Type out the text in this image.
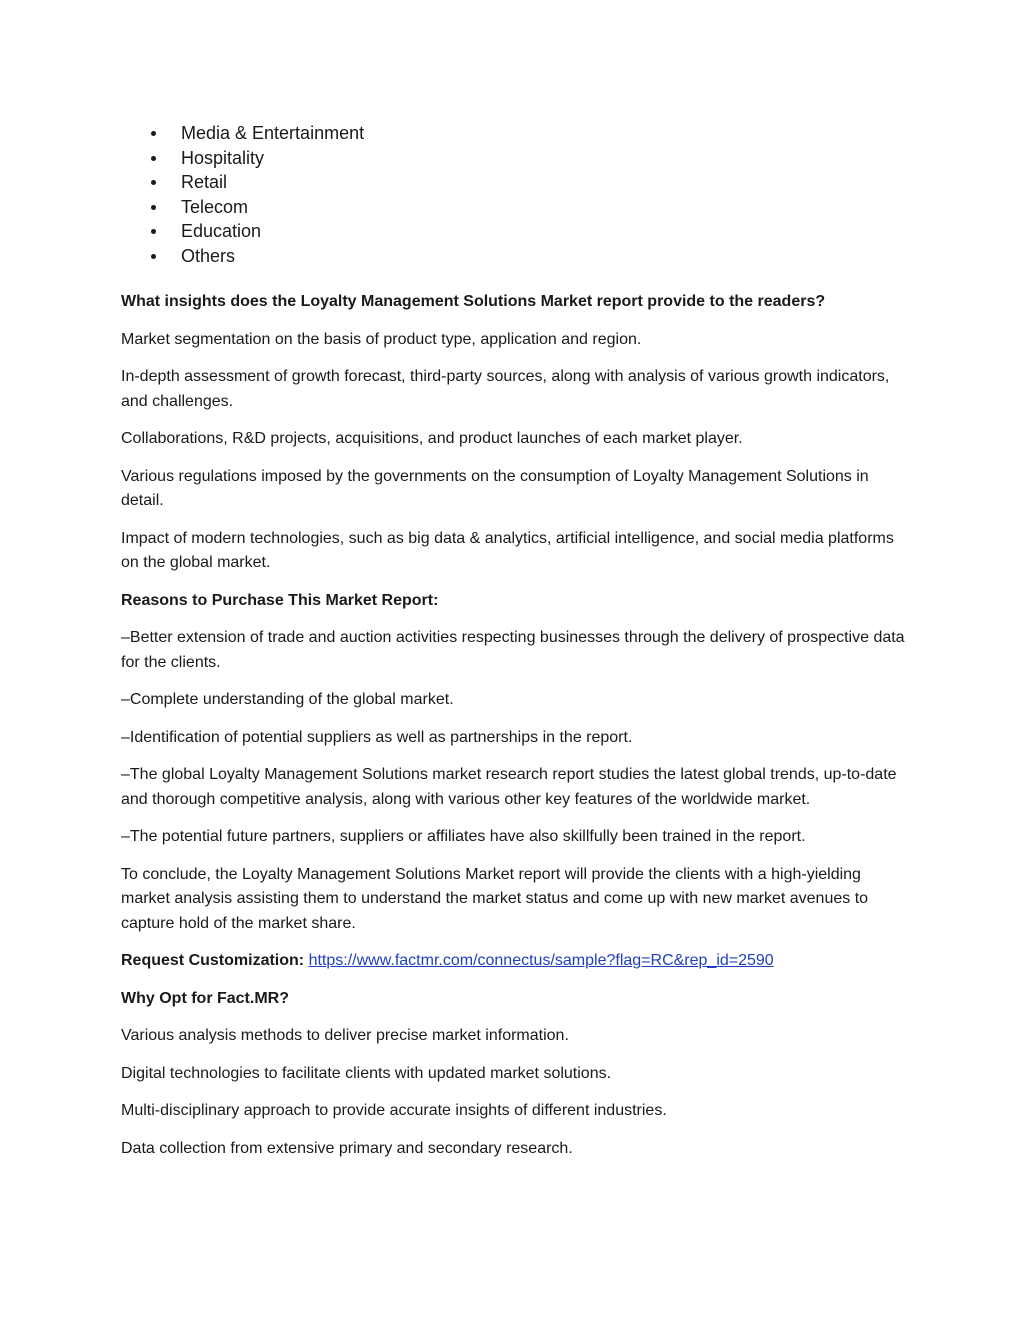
Media & Entertainment
Hospitality
Retail
Telecom
Education
Others

What insights does the Loyalty Management Solutions Market report provide to the readers?

Market segmentation on the basis of product type, application and region.

In-depth assessment of growth forecast, third-party sources, along with analysis of various growth indicators, and challenges.

Collaborations, R&D projects, acquisitions, and product launches of each market player.

Various regulations imposed by the governments on the consumption of Loyalty Management Solutions in detail.

Impact of modern technologies, such as big data & analytics, artificial intelligence, and social media platforms on the global market.

Reasons to Purchase This Market Report:

–Better extension of trade and auction activities respecting businesses through the delivery of prospective data for the clients.

–Complete understanding of the global market.

–Identification of potential suppliers as well as partnerships in the report.

–The global Loyalty Management Solutions market research report studies the latest global trends, up-to-date and thorough competitive analysis, along with various other key features of the worldwide market.

–The potential future partners, suppliers or affiliates have also skillfully been trained in the report.

To conclude, the Loyalty Management Solutions Market report will provide the clients with a high-yielding market analysis assisting them to understand the market status and come up with new market avenues to capture hold of the market share.

Request Customization: https://www.factmr.com/connectus/sample?flag=RC&rep_id=2590

Why Opt for Fact.MR?

Various analysis methods to deliver precise market information.

Digital technologies to facilitate clients with updated market solutions.

Multi-disciplinary approach to provide accurate insights of different industries.

Data collection from extensive primary and secondary research.
